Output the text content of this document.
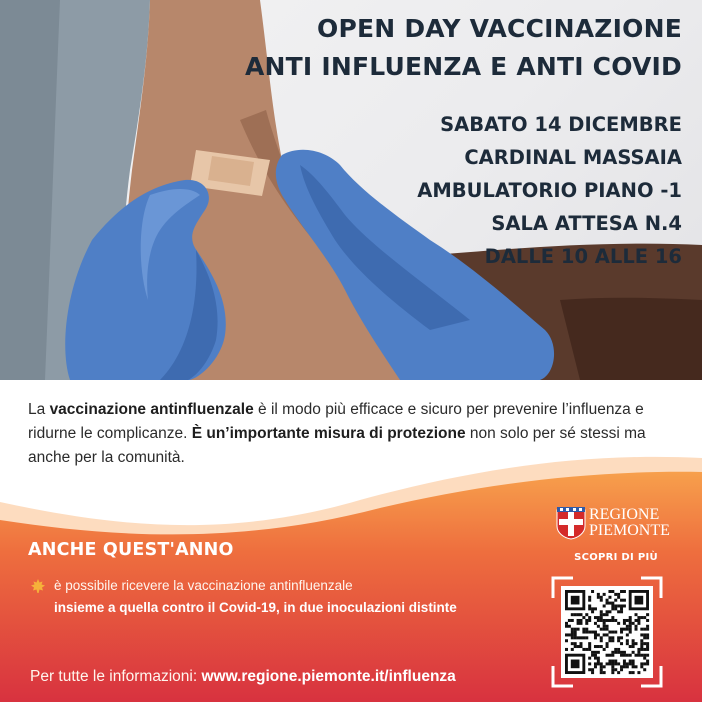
OPEN DAY VACCINAZIONE
ANTI INFLUENZA E ANTI COVID
SABATO 14 DICEMBRE
CARDINAL MASSAIA
AMBULATORIO PIANO -1
SALA ATTESA N.4
DALLE 10 ALLE 16
La vaccinazione antinfluenzale è il modo più efficace e sicuro per prevenire l’influenza e ridurne le complicanze. È un’importante misura di protezione non solo per sé stessi ma anche per la comunità.
ANCHE QUEST'ANNO
è possibile ricevere la vaccinazione antinfluenzale
insieme a quella contro il Covid-19, in due inoculazioni distinte
Per tutte le informazioni: www.regione.piemonte.it/influenza
REGIONE
PIEMONTE
SCOPRI DI PIÙ
